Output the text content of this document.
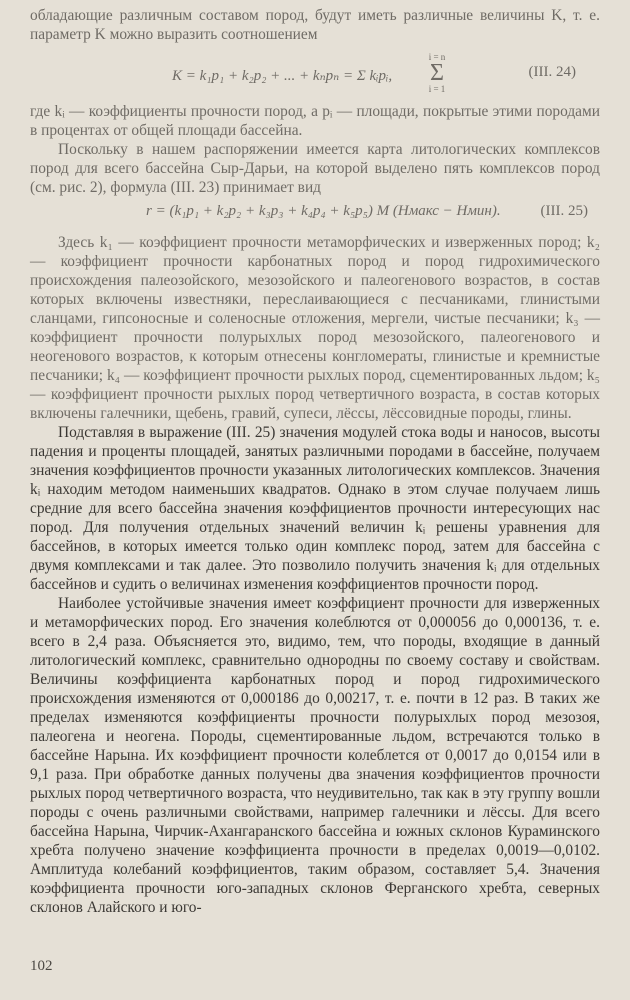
обладающие различным составом пород, будут иметь различные величины K, т. е. параметр K можно выразить соотношением

K = k₁p₁ + k₂p₂ + ... + kₙpₙ = Σ kᵢpᵢ,
i = n
Σ
i = 1
(III. 24)

где kᵢ — коэффициенты прочности пород, а pᵢ — площади, покрытые этими породами в процентах от общей площади бассейна.

Поскольку в нашем распоряжении имеется карта литологических комплексов пород для всего бассейна Сыр-Дарьи, на которой выделено пять комплексов пород (см. рис. 2), формула (III. 23) принимает вид

r = (k₁p₁ + k₂p₂ + k₃p₃ + k₄p₄ + k₅p₅) M (Hмакс − Hмин).	(III. 25)

Здесь k₁ — коэффициент прочности метаморфических и изверженных пород; k₂ — коэффициент прочности карбонатных пород и пород гидрохимического происхождения палеозойского, мезозойского и палеогенового возрастов, в состав которых включены известняки, переслаивающиеся с песчаниками, глинистыми сланцами, гипсоносные и соленосные отложения, мергели, чистые песчаники; k₃ — коэффициент прочности полурыхлых пород мезозойского, палеогенового и неогенового возрастов, к которым отнесены конгломераты, глинистые и кремнистые песчаники; k₄ — коэффициент прочности рыхлых пород, сцементированных льдом; k₅ — коэффициент прочности рыхлых пород четвертичного возраста, в состав которых включены галечники, щебень, гравий, супеси, лёссы, лёссовидные породы, глины.

Подставляя в выражение (III. 25) значения модулей стока воды и наносов, высоты падения и проценты площадей, занятых различными породами в бассейне, получаем значения коэффициентов прочности указанных литологических комплексов. Значения kᵢ находим методом наименьших квадратов. Однако в этом случае получаем лишь средние для всего бассейна значения коэффициентов прочности интересующих нас пород. Для получения отдельных значений величин kᵢ решены уравнения для бассейнов, в которых имеется только один комплекс пород, затем для бассейна с двумя комплексами и так далее. Это позволило получить значения kᵢ для отдельных бассейнов и судить о величинах изменения коэффициентов прочности пород.

Наиболее устойчивые значения имеет коэффициент прочности для изверженных и метаморфических пород. Его значения колеблются от 0,000056 до 0,000136, т. е. всего в 2,4 раза. Объясняется это, видимо, тем, что породы, входящие в данный литологический комплекс, сравнительно однородны по своему составу и свойствам. Величины коэффициента карбонатных пород и пород гидрохимического происхождения изменяются от 0,000186 до 0,00217, т. е. почти в 12 раз. В таких же пределах изменяются коэффициенты прочности полурыхлых пород мезозоя, палеогена и неогена. Породы, сцементированные льдом, встречаются только в бассейне Нарына. Их коэффициент прочности колеблется от 0,0017 до 0,0154 или в 9,1 раза. При обработке данных получены два значения коэффициентов прочности рыхлых пород четвертичного возраста, что неудивительно, так как в эту группу вошли породы с очень различными свойствами, например галечники и лёссы. Для всего бассейна Нарына, Чирчик-Ахангаранского бассейна и южных склонов Кураминского хребта получено значение коэффициента прочности в пределах 0,0019—0,0102. Амплитуда колебаний коэффициентов, таким образом, составляет 5,4. Значения коэффициента прочности юго-западных склонов Ферганского хребта, северных склонов Алайского и юго-

102
